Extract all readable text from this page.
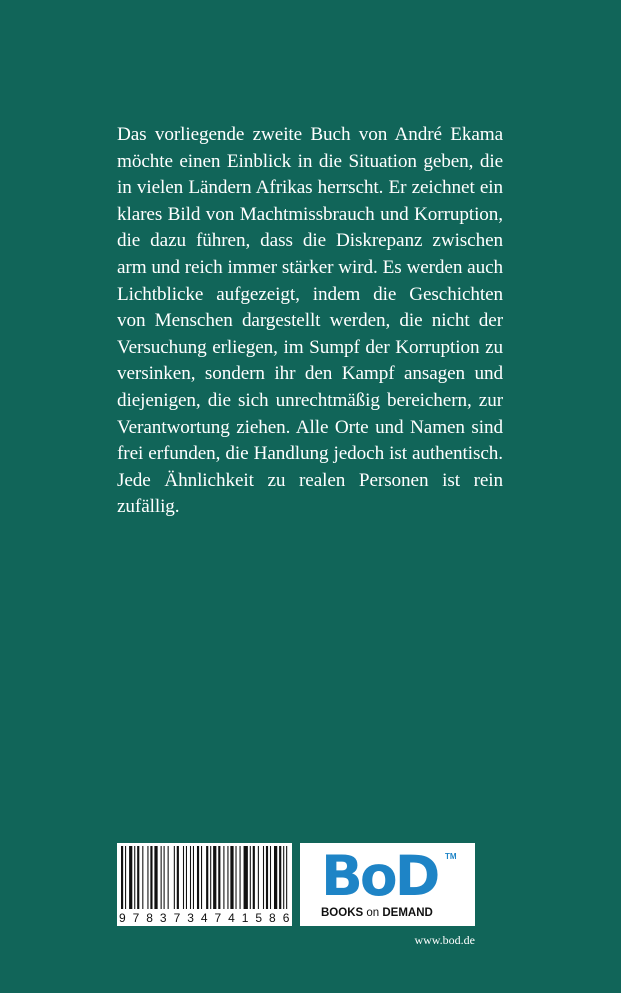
Das vorliegende zweite Buch von André Ekama möchte einen Einblick in die Situation geben, die in vielen Ländern Afrikas herrscht. Er zeichnet ein klares Bild von Machtmissbrauch und Korruption, die dazu führen, dass die Diskrepanz zwischen arm und reich immer stärker wird. Es werden auch Lichtblicke aufgezeigt, indem die Geschichten von Menschen dargestellt werden, die nicht der Versuchung erliegen, im Sumpf der Korruption zu versinken, sondern ihr den Kampf ansagen und diejenigen, die sich unrechtmäßig bereichern, zur Verantwortung ziehen. Alle Orte und Namen sind frei erfunden, die Handlung jedoch ist authentisch. Jede Ähnlichkeit zu realen Personen ist rein zufällig.

9 7 8 3 7 3 4 7 4 1 5 8 6
BoD TM
BOOKS on DEMAND
www.bod.de
